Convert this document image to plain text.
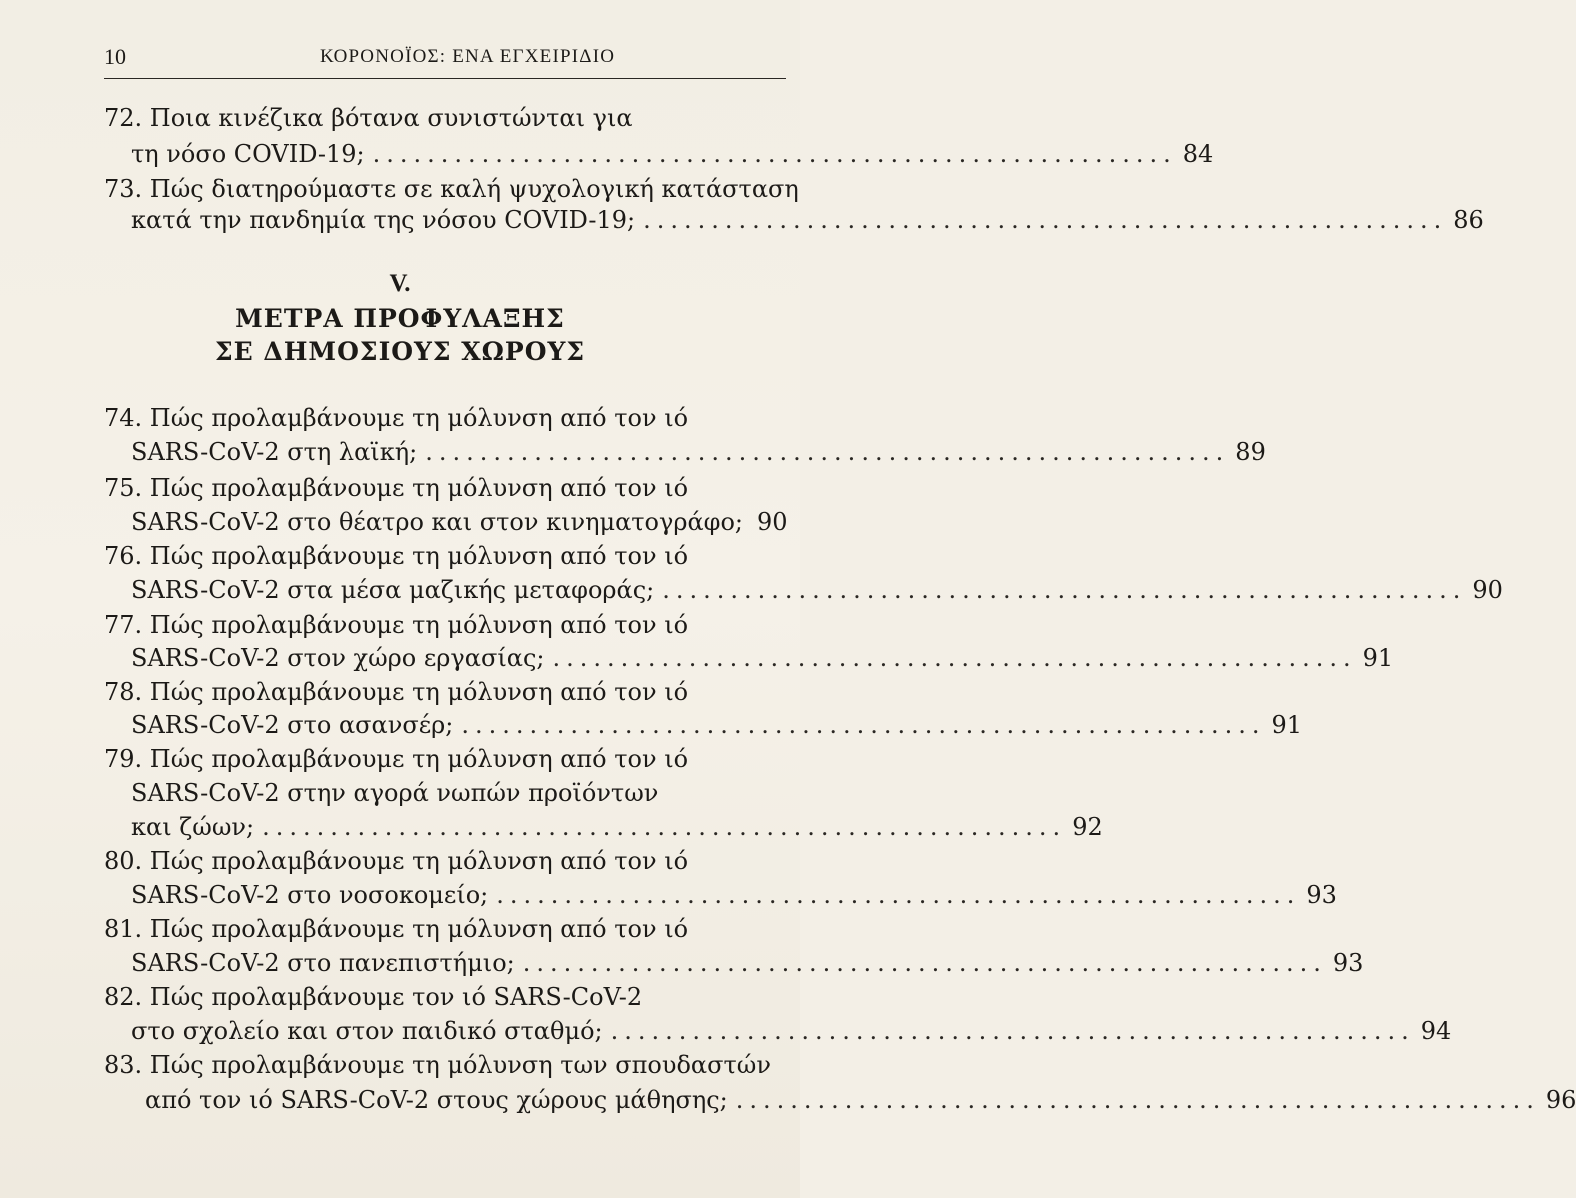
10	ΚΟΡΟΝΟΪΟΣ: ΕΝΑ ΕΓΧΕΙΡΙΔΙΟ
72. Ποια κινέζικα βότανα συνιστώνται για
τη νόσο COVID-19; ........................................................... 84
73. Πώς διατηρούμαστε σε καλή ψυχολογική κατάσταση
κατά την πανδημία της νόσου COVID-19; ........................................................... 86
V.
ΜΕΤΡΑ ΠΡΟΦΥΛΑΞΗΣ
ΣΕ ΔΗΜΟΣΙΟΥΣ ΧΩΡΟΥΣ
74. Πώς προλαμβάνουμε τη μόλυνση από τον ιό
SARS-CoV-2 στη λαϊκή; ........................................................... 89
75. Πώς προλαμβάνουμε τη μόλυνση από τον ιό
SARS-CoV-2 στο θέατρο και στον κινηματογράφο; 90
76. Πώς προλαμβάνουμε τη μόλυνση από τον ιό
SARS-CoV-2 στα μέσα μαζικής μεταφοράς; ........................................................... 90
77. Πώς προλαμβάνουμε τη μόλυνση από τον ιό
SARS-CoV-2 στον χώρο εργασίας; ........................................................... 91
78. Πώς προλαμβάνουμε τη μόλυνση από τον ιό
SARS-CoV-2 στο ασανσέρ; ........................................................... 91
79. Πώς προλαμβάνουμε τη μόλυνση από τον ιό
SARS-CoV-2 στην αγορά νωπών προϊόντων
και ζώων; ........................................................... 92
80. Πώς προλαμβάνουμε τη μόλυνση από τον ιό
SARS-CoV-2 στο νοσοκομείο; ........................................................... 93
81. Πώς προλαμβάνουμε τη μόλυνση από τον ιό
SARS-CoV-2 στο πανεπιστήμιο; ........................................................... 93
82. Πώς προλαμβάνουμε τον ιό SARS-CoV-2
στο σχολείο και στον παιδικό σταθμό; ........................................................... 94
83. Πώς προλαμβάνουμε τη μόλυνση των σπουδαστών
από τον ιό SARS-CoV-2 στους χώρους μάθησης; ........................................................... 96
